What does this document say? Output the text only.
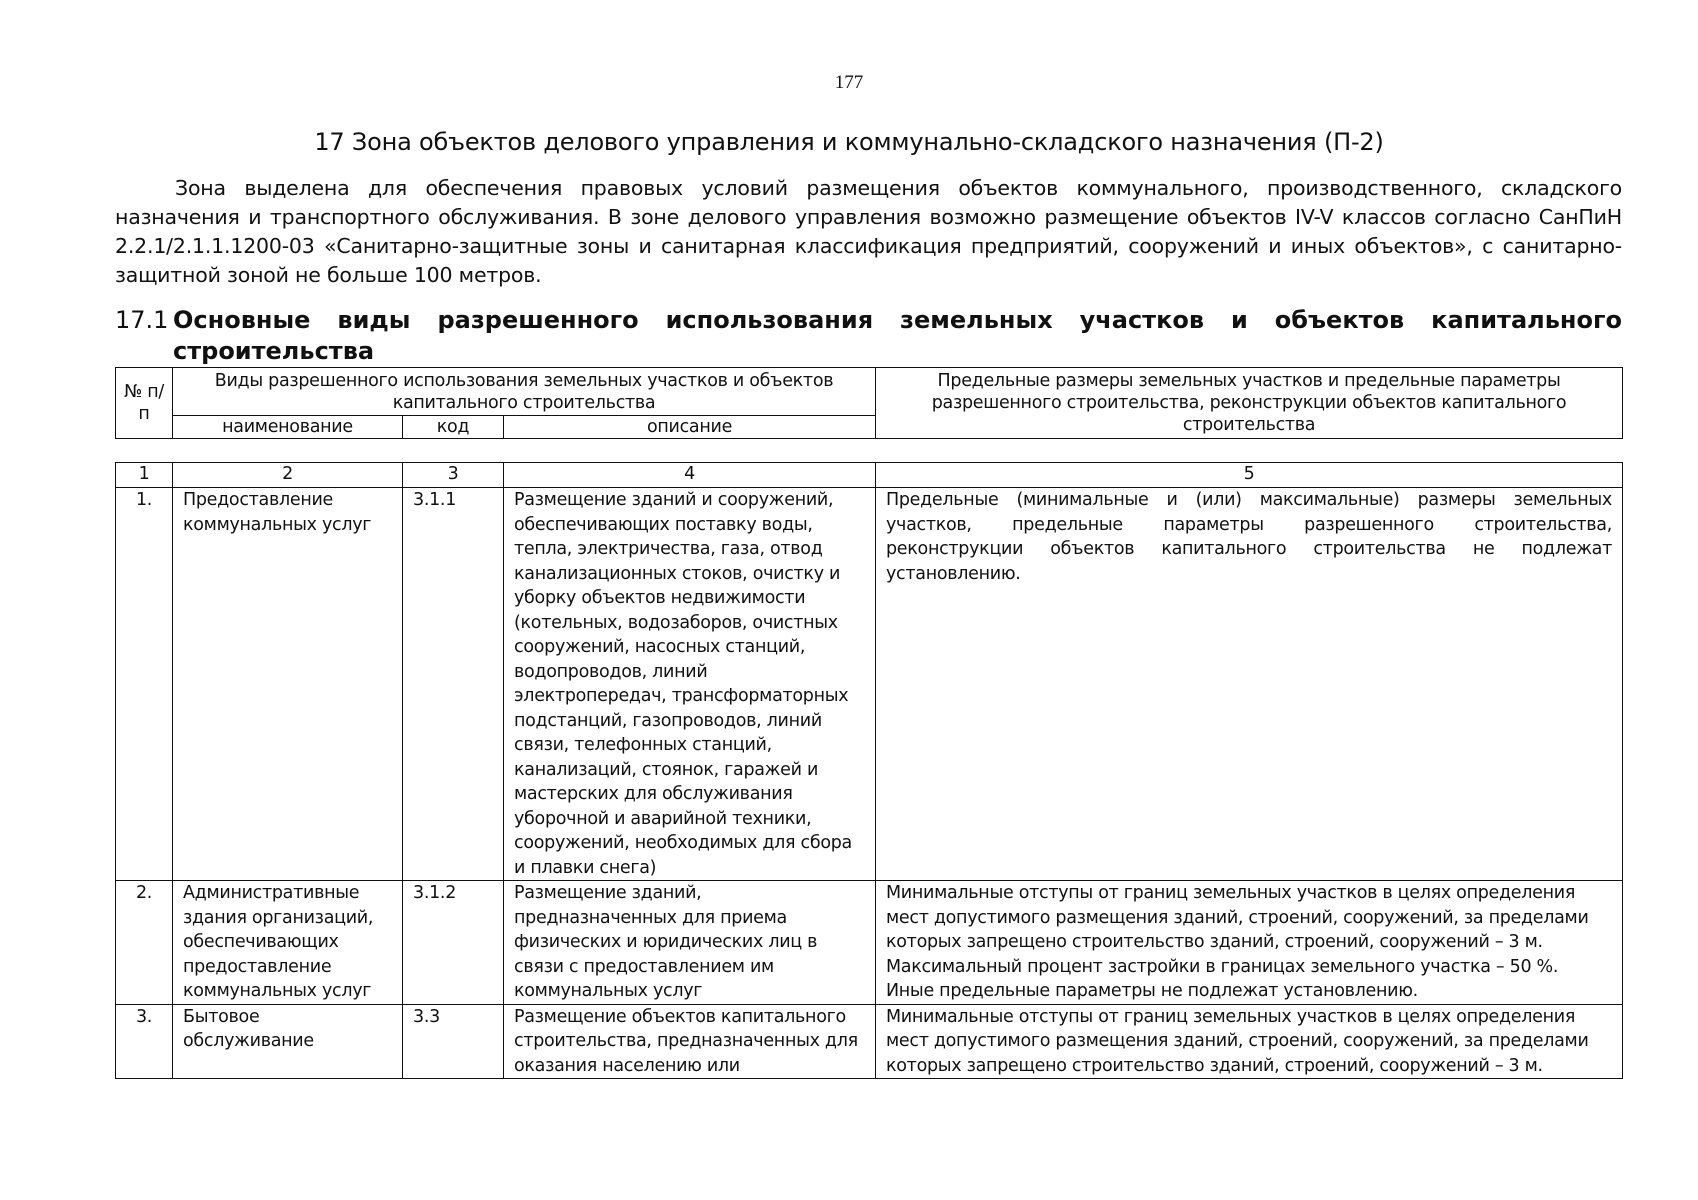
177
17 Зона объектов делового управления и коммунально-складского назначения (П-2)

Зона выделена для обеспечения правовых условий размещения объектов коммунального, производственного, складского назначения и транспортного обслуживания. В зоне делового управления возможно размещение объектов IV-V классов согласно СанПиН 2.2.1/2.1.1.1200-03 «Санитарно-защитные зоны и санитарная классификация предприятий, сооружений и иных объектов», с санитарно-защитной зоной не больше 100 метров.

17.1 Основные виды разрешенного использования земельных участков и объектов капитального строительства
№ п/п	Виды разрешенного использования земельных участков и объектов капитального строительства			Предельные размеры земельных участков и предельные параметры разрешенного строительства, реконструкции объектов капитального строительства
	наименование	код	описание	
1	2	3	4	5
1.	Предоставление коммунальных услуг	3.1.1	Размещение зданий и сооружений, обеспечивающих поставку воды, тепла, электричества, газа, отвод канализационных стоков, очистку и уборку объектов недвижимости (котельных, водозаборов, очистных сооружений, насосных станций, водопроводов, линий электропередач, трансформаторных подстанций, газопроводов, линий связи, телефонных станций, канализаций, стоянок, гаражей и мастерских для обслуживания уборочной и аварийной техники, сооружений, необходимых для сбора и плавки снега)	Предельные (минимальные и (или) максимальные) размеры земельных участков, предельные параметры разрешенного строительства, реконструкции объектов капитального строительства не подлежат установлению.
2.	Административные здания организаций, обеспечивающих предоставление коммунальных услуг	3.1.2	Размещение зданий, предназначенных для приема физических и юридических лиц в связи с предоставлением им коммунальных услуг	Минимальные отступы от границ земельных участков в целях определения мест допустимого размещения зданий, строений, сооружений, за пределами которых запрещено строительство зданий, строений, сооружений – 3 м.
Максимальный процент застройки в границах земельного участка – 50 %.
Иные предельные параметры не подлежат установлению.

3.	Бытовое обслуживание	3.3	Размещение объектов капитального строительства, предназначенных для оказания населению или	Минимальные отступы от границ земельных участков в целях определения мест допустимого размещения зданий, строений, сооружений, за пределами которых запрещено строительство зданий, строений, сооружений – 3 м.
